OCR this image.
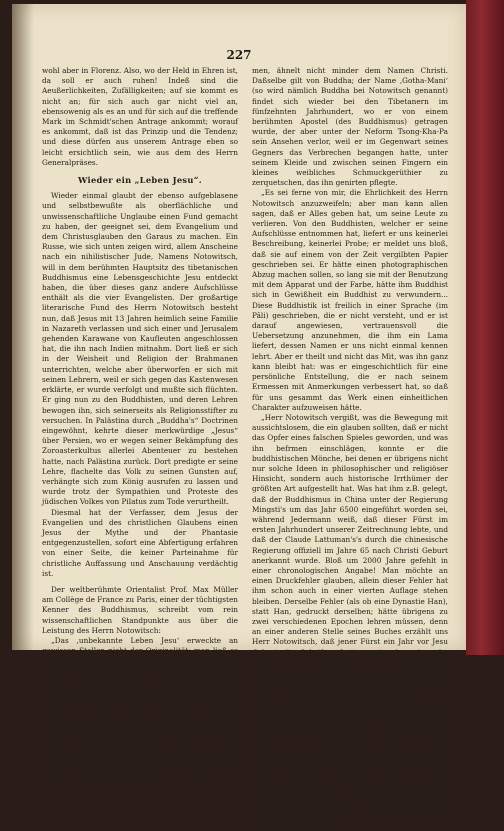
227

wohl aber in Florenz. Also, wo der Held in Ehren ist, da soll er auch ruhen! Indeß sind die Aeußerlichkeiten, Zufälligkeiten; auf sie kommt es nicht an; für sich auch gar nicht viel an, ebensowenig als es an und für sich auf die treffende Mark im Schmidt'schen Antrage ankommt; worauf es ankommt, daß ist das Prinzip und die Tendenz; und diese dürfen aus unserem Antrage eben so leicht ersichtlich sein, wie aus dem des Herrn Generalpräses.

Wieder ein „Leben Jesu“.

Wieder einmal glaubt der ebenso aufgeblasene und selbstbewußte als oberflächliche und unwissenschaftliche Unglaube einen Fund gemacht zu haben, der geeignet sei, dem Evangelium und dem Christusglauben den Garaus zu machen. Ein Russe, wie sich unten zeigen wird, allem Anscheine nach ein nihilistischer Jude, Namens Notowitsch, will in dem berühmten Hauptsitz des tibetanischen Buddhismus eine Lebensgeschichte Jesu entdeckt haben, die über dieses ganz andere Aufschlüsse enthält als die vier Evangelisten. Der großartige literarische Fund des Herrn Notowitsch besteht nun, daß Jesus mit 13 Jahren heimlich seine Familie in Nazareth verlassen und sich einer und Jerusalem gehenden Karawane von Kaufleuten angeschlossen hat, die ihn nach Indien mitnahm. Dort ließ er sich in der Weisheit und Religion der Brahmanen unterrichten, welche aber überworfen er sich mit seinen Lehrern, weil er sich gegen das Kastenwesen erklärte, er wurde verfolgt und mußte sich flüchten. Er ging nun zu den Buddhisten, und deren Lehren bewogen ihn, sich seinerseits als Religionsstifter zu versuchen. In Palästina durch „Buddha's“ Doctrinen eingewöhnt, kehrte dieser merkwürdige „Jesus“ über Persien, wo er wegen seiner Bekämpfung des Zoroasterkultus allerlei Abenteuer zu bestehen hatte, nach Palästina zurück. Dort predigte er seine Lehre, flachelte das Volk zu seinen Gunsten auf, verhängte sich zum König ausrufen zu lassen und wurde trotz der Sympathien und Proteste des jüdischen Volkes von Pilatus zum Tode verurtheilt.

Diesmal hat der Verfasser, dem Jesus der Evangelien und des christlichen Glaubens einen Jesus der Mythe und der Phantasie entgegenzustellen, sofort eine Abfertigung erfahren von einer Seite, die keiner Parteinahme für christliche Auffassung und Anschauung verdächtig ist.

Der weltberühmte Orientalist Prof. Max Müller am Collège de France zu Paris, einer der tüchtigsten Kenner des Buddhismus, schreibt vom rein wissenschaftlichen Standpunkte aus über die Leistung des Herrn Notowitsch:

„Das ‚unbekannte Leben Jesu‘ erweckte an gewissen Stellen nicht der Originalität; man ließ es sogar mit Vergnügen. Jedoch findet man darin einen Fehler, der verzeihlich ist bei einem romanhaften Werke, aber einem Leser nicht bei einem Buche, das den Anspruch erhebt, dem Gebiete der Geschichte anzugehören: dieser Fehler besteht darin, alle Angaben einer phantastischen Erzählung zu bieten und einen etwas mehr als verdächtigen Ursprung zu vermuthen. Der Verfasser war sofort von der Echtheit des den Namen ‚Issa‘ (so heißt der Held des ‚unbekannten Lebens‘) und ‚Jesus‘ betroffen. Recht schön. Aber der Name ‚Issa‘, dessen Träger am zweiten buddhistischen Concile Theil genom-

men, ähnelt nicht minder dem Namen Christi. Daßselbe gilt von Buddha; der Name ‚Gotha-Mani‘ (so wird nämlich Buddha bei Notowitsch genannt) findet sich wieder bei den Tibetanern im fünfzehnten Jahrhundert, wo er von einem berühmten Apostel (des Buddhismus) getragen wurde, der aber unter der Neform Tsong-Kha-Pa sein Ansehen verlor, weil er im Gegenwart seines Gegners das Verbrechen begangen hatte, unter seinem Kleide und zwischen seinen Fingern ein kleines weibliches Schmuckgerüthier zu zerquetschen, das ihn genirten pflegte.

„Es sei ferne von mir, die Ehrlichkeit des Herrn Notowitsch anzuzweifeln; aber man kann allen sagen, daß er Alles geben hat, um seine Leute zu verlieren. Von den Buddhisten, welcher er seine Aufschlüsse entnommen hat, liefert er uns keinerlei Beschreibung, keinerlei Probe; er meldet uns bloß, daß sie auf einem von der Zeit vergilbten Papier geschrieben sei. Er hätte einen photographischen Abzug machen sollen, so lang sie mit der Benutzung mit dem Apparat und der Farbe, hätte ihm Buddhist sich in Gewißheit ein Buddhist zu verwundern... Diese Buddhistik ist freilich in einer Sprache (im Pâli) geschrieben, die er nicht versteht, und er ist darauf angewiesen, vertrauensvoll die Uebersetzung anzunehmen, die ihm ein Lama liefert, dessen Namen er uns nicht einmal kennen lehrt. Aber er theilt und nicht das Mit, was ihn ganz kann bleibt hat: was er eingeschichtlich für eine persönliche Entstellung, die er nach seinem Ermessen mit Anmerkungen verbessert hat, so daß für uns gesammt das Werk einen einheitlichen Charakter aufzuweisen hätte.

„Herr Notowitsch vergißt, was die Bewegung mit aussichtslosem, die ein glauben sollten, daß er nicht das Opfer eines falschen Spieles geworden, und was ihn befrmen einschlägen, konnte er die buddhistischen Mönche, bei denen er übrigens nicht nur solche Ideen in philosophischer und religiöser Hinsicht, sondern auch historische Irrthümer der größten Art aufgestellt hat. Was hat ihm z.B. gelegt, daß der Buddhismus in China unter der Regierung Mingsti's um das Jahr 6500 eingeführt worden sei, während Jedermann weiß, daß dieser Fürst im ersten Jahrhundert unserer Zeitrechnung lebte, und daß der Claude Lattuman's's durch die chinesische Regierung offiziell im Jahre 65 nach Christi Geburt anerkannt wurde. Bloß um 2000 Jahre gefehlt in einer chronologischen Angabe! Man möchte an einen Druckfehler glauben, allein dieser Fehler hat ihm schon auch in einer vierten Auflage stehen bleiben. Derselbe Fehler (als ob eine Dynastie Han), statt Han, gedruckt derselben; hätte übrigens zu zwei verschiedenen Epochen lehren müssen, denn an einer anderen Stelle seines Buches erzählt uns Herr Notowitsch, daß jener Fürst ein Jahr vor Jesu Geburt die Schriften Lattumans's, der wie nahe gelegen, dem Auftreten des Buddhismus, eingestellten hat. Wenn diese Angabe wahr, so hätte Mingti fein Decret zu Gunsten des Buddhismus 69 Jahre vor seiner Thronbesteigung erlassen.

„In desselben Schule der Unwahrheit, die meistens Leute von großen Umwissenheit sind, hat Herr Notowitsch ohne Zweifel gelernt, daß das Alphabet und das Pergament in China vor Moses bekannt waren. Das sämtliche Alphabet wäre vom Fohi, dem ersten Kaiser, im Jahre 2950 erfunden worden. Nun weiß Jedermann, daß die Chinesen, selbst heutzutage, kein Alphabet haben, und dem keinen Orientalisten ist es unbekannt, daß man dem genannten Kaiser, der während der mythischen Perioden der chinesischen Phantasie lebte, die Anwendung der Trigrammen zuschreibt, die zu der alphabetischen Schrift
